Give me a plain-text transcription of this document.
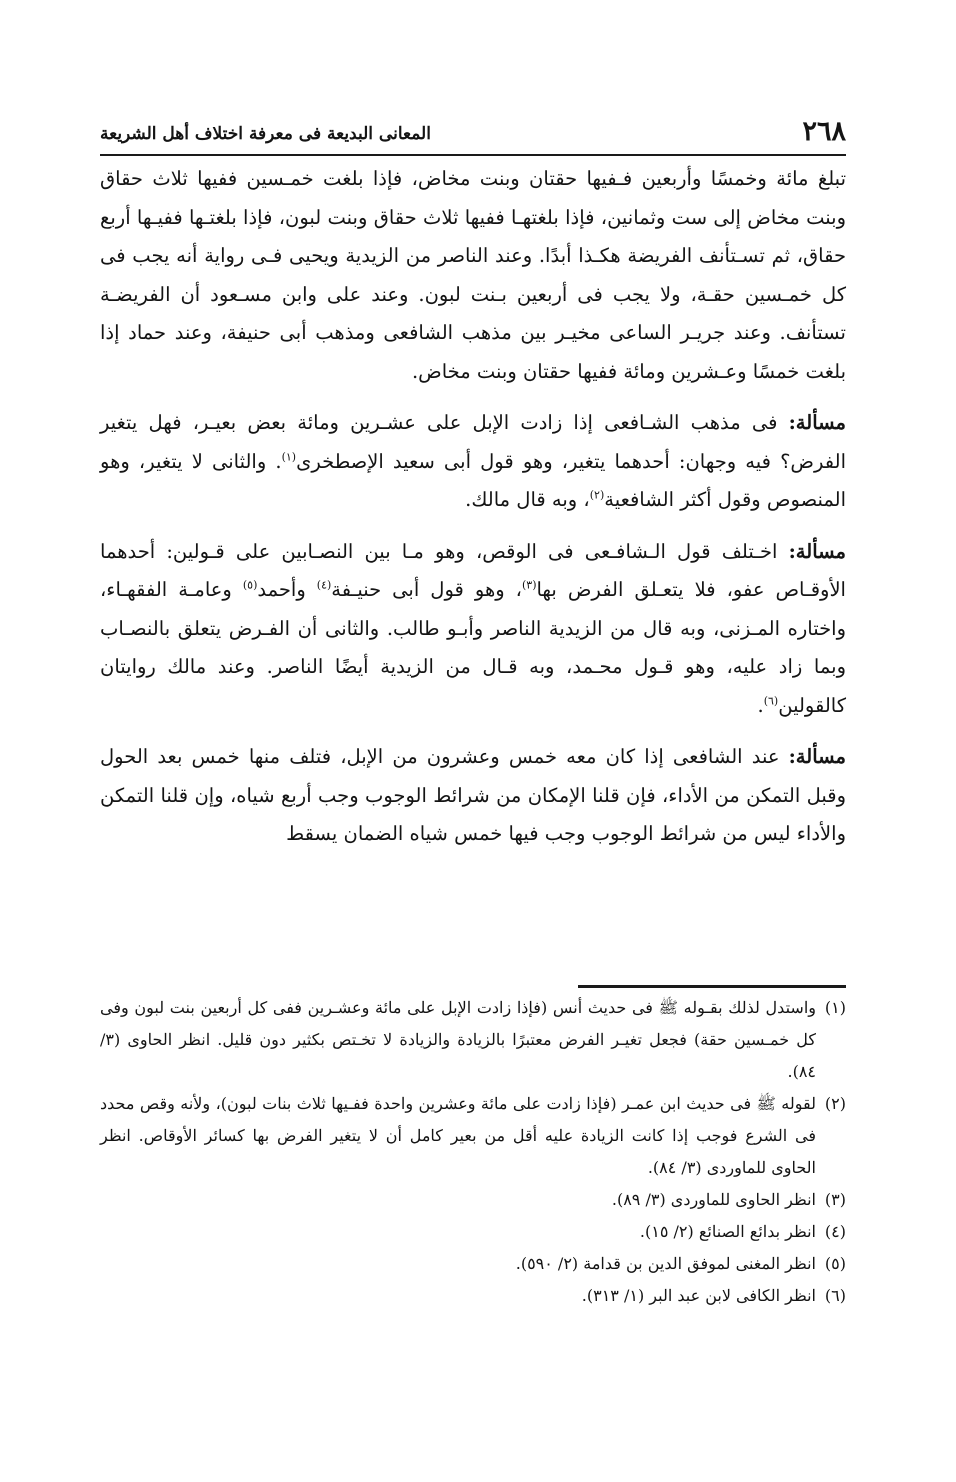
٢٦٨
المعانى البديعة فى معرفة اختلاف أهل الشريعة

تبلغ مائة وخمسًا وأربعين فـفيها حقتان وبنت مخاض، فإذا بلغت خمـسين ففيها ثلاث حقاق وبنت مخاض إلى ست وثمانين، فإذا بلغتهـا ففيها ثلاث حقاق وبنت لبون، فإذا بلغتـها ففيـها أربع حقاق، ثم تسـتأنف الفريضة هكـذا أبدًا. وعند الناصر من الزيدية ويحيى فـى رواية أنه يجب فى كل خمـسين حقـة، ولا يجب فى أربعين بـنت لبون. وعند على وابن مسـعود أن الفريضـة تستأنف. وعند جريـر الساعى مخيـر بين مذهب الشافعى ومذهب أبى حنيفة، وعند حماد إذا بلغت خمسًا وعـشرين ومائة ففيها حقتان وبنت مخاض.

مسألة: فى مذهب الشـافعى إذا زادت الإبل على عشـرين ومائة بعض بعيـر، فهل يتغير الفرض؟ فيه وجهان: أحدهما يتغير، وهو قول أبى سعيد الإصطخرى$^{(١)}$. والثانى لا يتغير، وهو المنصوص وقول أكثر الشافعية$^{(٢)}$، وبه قال مالك.

مسألة: اخـتلف قول الـشافـعى فى الوقص، وهو مـا بين النصـابين على قـولين: أحدهما الأوقـاص عفو، فلا يتعـلق الفرض بها$^{(٣)}$، وهو قول أبى حنيـفة$^{(٤)}$ وأحمد$^{(٥)}$ وعامـة الفقهـاء، واختاره المـزنى، وبه قال من الزيدية الناصر وأبـو طالب. والثانى أن الفـرض يتعلق بالنصـاب وبما زاد عليه، وهو قـول محـمد، وبه قـال من الزيدية أيضًا الناصر. وعند مالك روايتان كالقولين$^{(٦)}$.

مسألة: عند الشافعى إذا كان معه خمس وعشرون من الإبل، فتلف منها خمس بعد الحول وقبل التمكن من الأداء، فإن قلنا الإمكان من شرائط الوجوب وجب أربع شياه، وإن قلنا التمكن والأداء ليس من شرائط الوجوب وجب فيها خمس شياه الضمان يسقط

(١)واستدل لذلك بقـوله ﷺ فى حديث أنس (فإذا زادت الإبل على مائة وعشـرين ففى كل أربعين بنت لبون وفى كل خمـسين حقة) فجعل تغيـر الفرض معتبرًا بالزيادة والزيادة لا تخـتص بكثير دون قليل. انظر الحاوى (٣/ ٨٤).

(٢)لقوله ﷺ فى حديث ابن عمـر (فإذا زادت على مائة وعشرين واحدة ففـيها ثلاث بنات لبون)، ولأنه وقص محدد فى الشرع فوجب إذا كانت الزيادة عليه أقل من بعير كامل أن لا يتغير الفرض بها كسائر الأوقاص. انظر الحاوى للماوردى (٣/ ٨٤).

(٣)انظر الحاوى للماوردى (٣/ ٨٩).

(٤)انظر بدائع الصنائع (٢/ ١٥).

(٥)انظر المغنى لموفق الدين بن قدامة (٢/ ٥٩٠).

(٦)انظر الكافى لابن عبد البر (١/ ٣١٣).
